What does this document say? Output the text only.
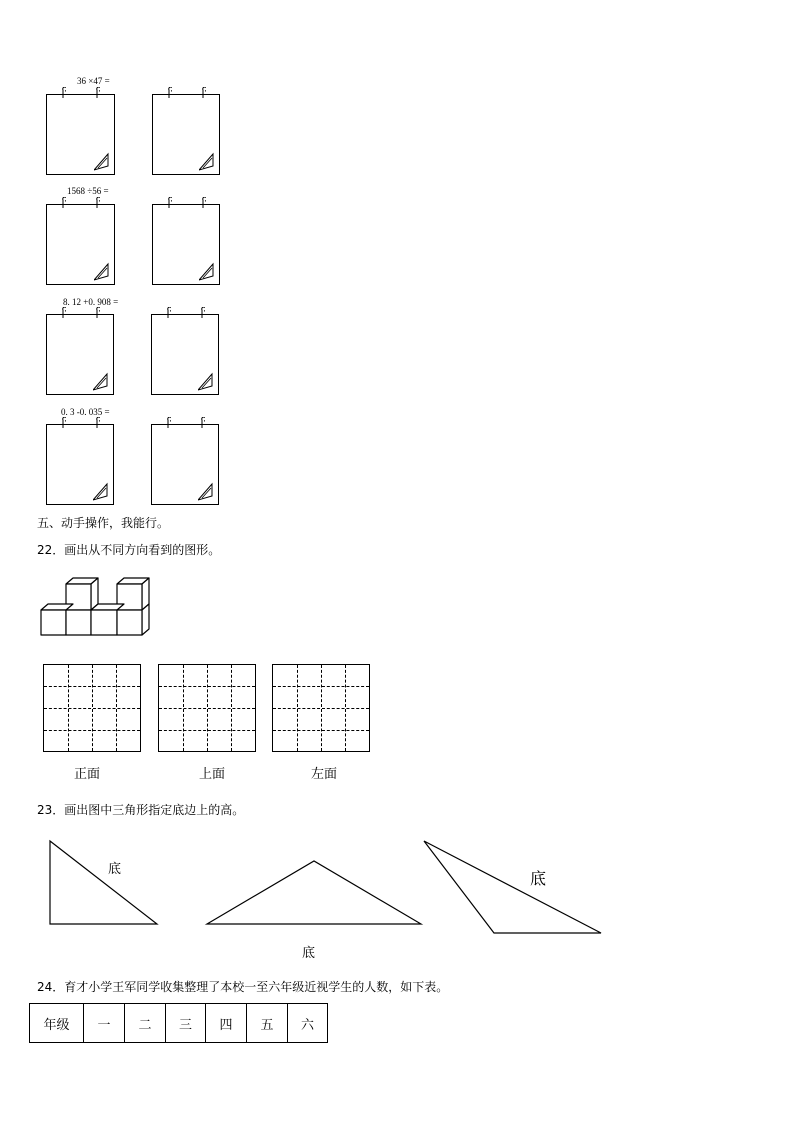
36 ×47 =
1568 ÷56 =
8. 12 +0. 908 =
0. 3 -0. 035 =
五、动手操作，我能行。
22．画出从不同方向看到的图形。
正面	上面	左面
23．画出图中三角形指定底边上的高。
底
底
底
24．育才小学王军同学收集整理了本校一至六年级近视学生的人数，如下表。
年级	一	二	三	四	五	六
